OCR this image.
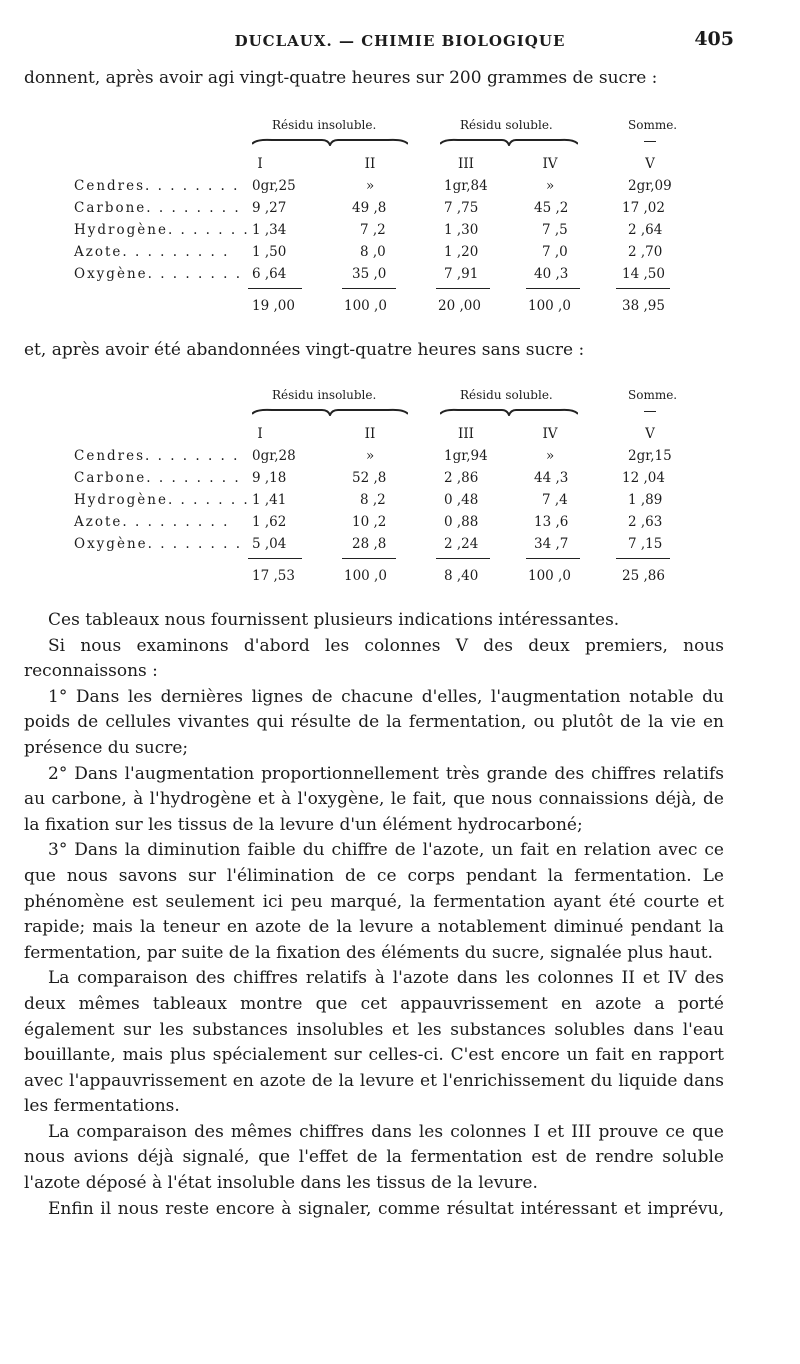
DUCLAUX. — CHIMIE BIOLOGIQUE	405
donnent, après avoir agi vingt-quatre heures sur 200 grammes de sucre :
Résidu insoluble.	Résidu soluble.	Somme.
I	II	III	IV	V
Cendres. . . . . . . . 0gr,25	»	1gr,84	»	2gr,09
Carbone. . . . . . . . 9 ,27	49 ,8	7 ,75	45 ,2	17 ,02
Hydrogène. . . . . . . 1 ,34	7 ,2	1 ,30	7 ,5	2 ,64
Azote. . . . . . . . . 1 ,50	8 ,0	1 ,20	7 ,0	2 ,70
Oxygène. . . . . . . . 6 ,64	35 ,0	7 ,91	40 ,3	14 ,50
19 ,00	100 ,0	20 ,00	100 ,0	38 ,95
et, après avoir été abandonnées vingt-quatre heures sans sucre :
Résidu insoluble.	Résidu soluble.	Somme.
I	II	III	IV	V
Cendres. . . . . . . . 0gr,28	»	1gr,94	»	2gr,15
Carbone. . . . . . . . 9 ,18	52 ,8	2 ,86	44 ,3	12 ,04
Hydrogène. . . . . . . 1 ,41	8 ,2	0 ,48	7 ,4	1 ,89
Azote. . . . . . . . . 1 ,62	10 ,2	0 ,88	13 ,6	2 ,63
Oxygène. . . . . . . . 5 ,04	28 ,8	2 ,24	34 ,7	7 ,15
17 ,53	100 ,0	8 ,40	100 ,0	25 ,86

Ces tableaux nous fournissent plusieurs indications intéressantes.

Si nous examinons d'abord les colonnes V des deux premiers, nous reconnaissons :

1° Dans les dernières lignes de chacune d'elles, l'augmentation notable du poids de cellules vivantes qui résulte de la fermentation, ou plutôt de la vie en présence du sucre;

2° Dans l'augmentation proportionnellement très grande des chiffres relatifs au carbone, à l'hydrogène et à l'oxygène, le fait, que nous connaissions déjà, de la fixation sur les tissus de la levure d'un élément hydrocarboné;

3° Dans la diminution faible du chiffre de l'azote, un fait en relation avec ce que nous savons sur l'élimination de ce corps pendant la fermentation. Le phénomène est seulement ici peu marqué, la fermentation ayant été courte et rapide; mais la teneur en azote de la levure a notablement diminué pendant la fermentation, par suite de la fixation des éléments du sucre, signalée plus haut.

La comparaison des chiffres relatifs à l'azote dans les colonnes II et IV des deux mêmes tableaux montre que cet appauvrissement en azote a porté également sur les substances insolubles et les substances solubles dans l'eau bouillante, mais plus spécialement sur celles-ci. C'est encore un fait en rapport avec l'appauvrissement en azote de la levure et l'enrichissement du liquide dans les fermentations.

La comparaison des mêmes chiffres dans les colonnes I et III prouve ce que nous avions déjà signalé, que l'effet de la fermentation est de rendre soluble l'azote déposé à l'état insoluble dans les tissus de la levure.

Enfin il nous reste encore à signaler, comme résultat intéressant et imprévu,
